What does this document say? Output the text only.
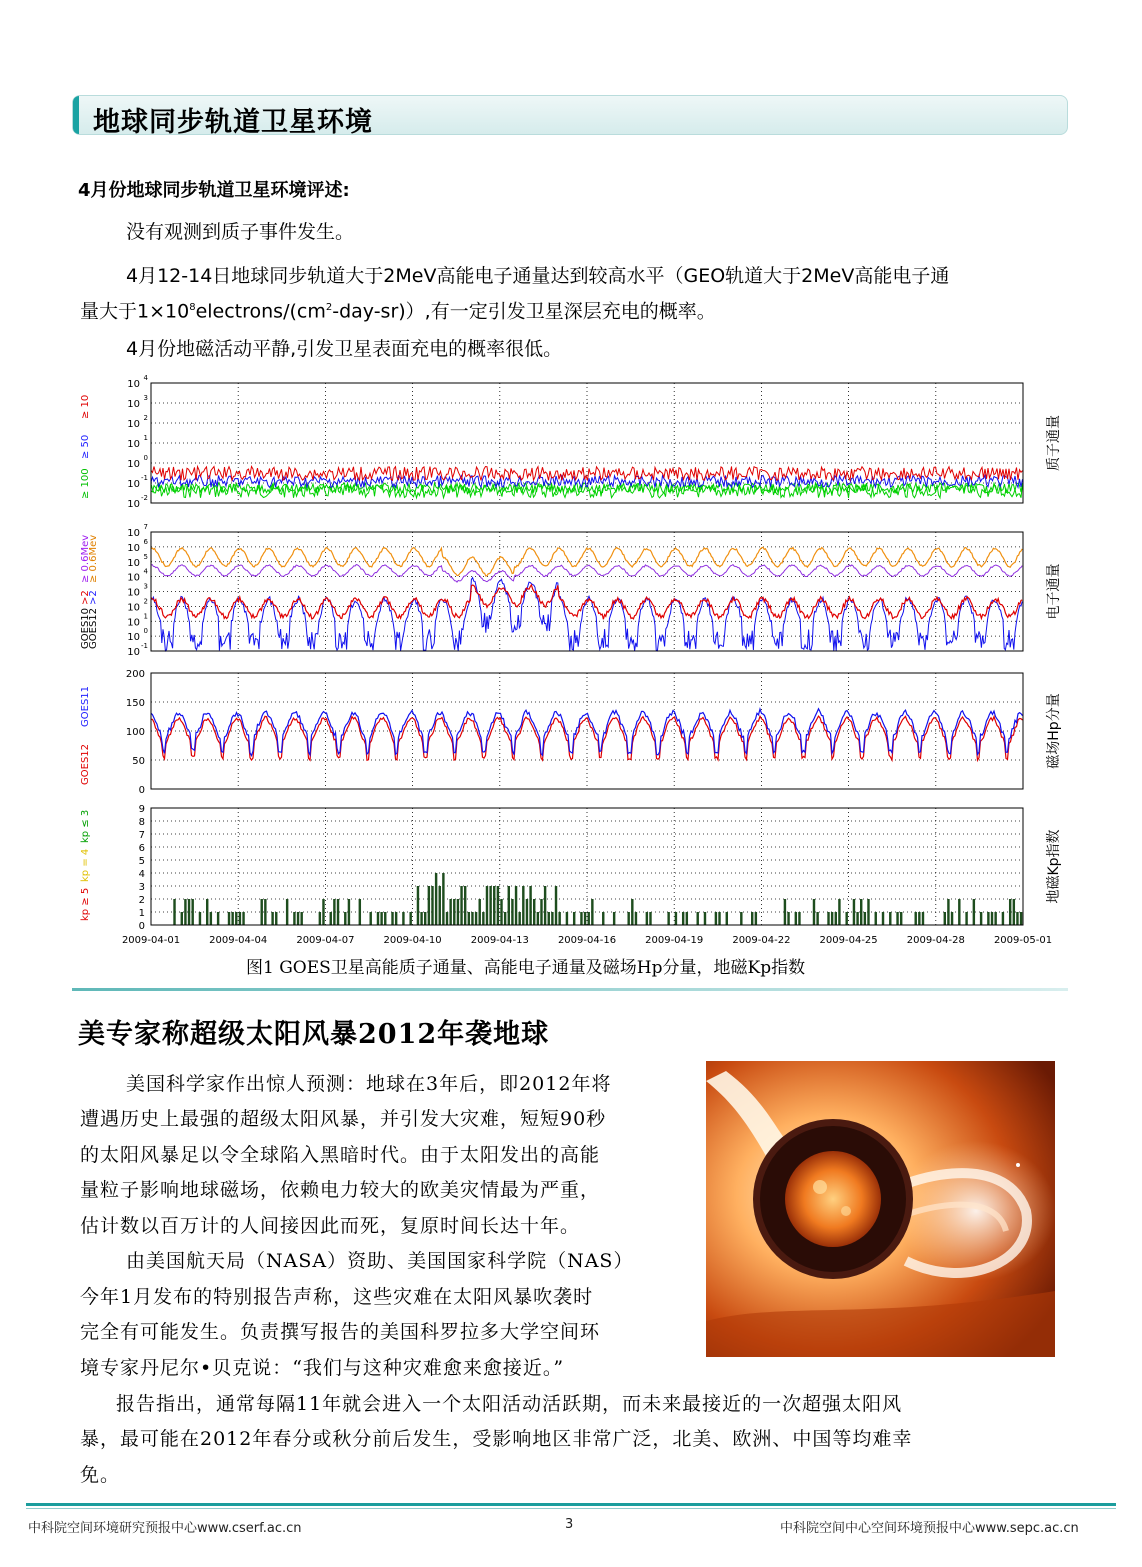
地球同步轨道卫星环境
4月份地球同步轨道卫星环境评述:
没有观测到质子事件发生。
4月12-14日地球同步轨道大于2MeV高能电子通量达到较高水平（GEO轨道大于2MeV高能电子通
量大于$1\times 10^8electrons/(cm^2-day-sr)$）,有一定引发卫星深层充电的概率。
4月份地磁活动平静,引发卫星表面充电的概率很低。
10
4
10
3
10
2
10
1
10
0
10
-1
10
-2
10
7
10
6
10
5
10
4
10
3
10
2
10
1
10
0
10
-1
200
150
100
50
0
9
8
7
6
5
4
3
2
1
0
2009-04-01	2009-04-04	2009-04-07	2009-04-10	2009-04-13	2009-04-16	2009-04-19	2009-04-22	2009-04-25	2009-04-28	2009-05-01
质子通量
电子通量
磁场Hp分量
地磁Kp指数
≥ 100
≥ 50
≥ 10
GOES12
GOES10
>2
>2
≥ 0.6Mev
≥ 0.6Mev
GOES12
GOES11
kp ≥ 5
kp = 4
kp ≤ 3
图1 GOES卫星高能质子通量、高能电子通量及磁场Hp分量，地磁Kp指数
美专家称超级太阳风暴2012年袭地球
美国科学家作出惊人预测：地球在3年后，即2012年将
遭遇历史上最强的超级太阳风暴，并引发大灾难，短短90秒
的太阳风暴足以令全球陷入黑暗时代。由于太阳发出的高能
量粒子影响地球磁场，依赖电力较大的欧美灾情最为严重，
估计数以百万计的人间接因此而死，复原时间长达十年。
由美国航天局（NASA）资助、美国国家科学院（NAS）
今年1月发布的特别报告声称，这些灾难在太阳风暴吹袭时
完全有可能发生。负责撰写报告的美国科罗拉多大学空间环
境专家丹尼尔•贝克说：“我们与这种灾难愈来愈接近。”
报告指出，通常每隔11年就会进入一个太阳活动活跃期，而未来最接近的一次超强太阳风
暴，最可能在2012年春分或秋分前后发生，受影响地区非常广泛，北美、欧洲、中国等均难幸
免。
中科院空间环境研究预报中心www.cserf.ac.cn	3	中科院空间中心空间环境预报中心www.sepc.ac.cn
